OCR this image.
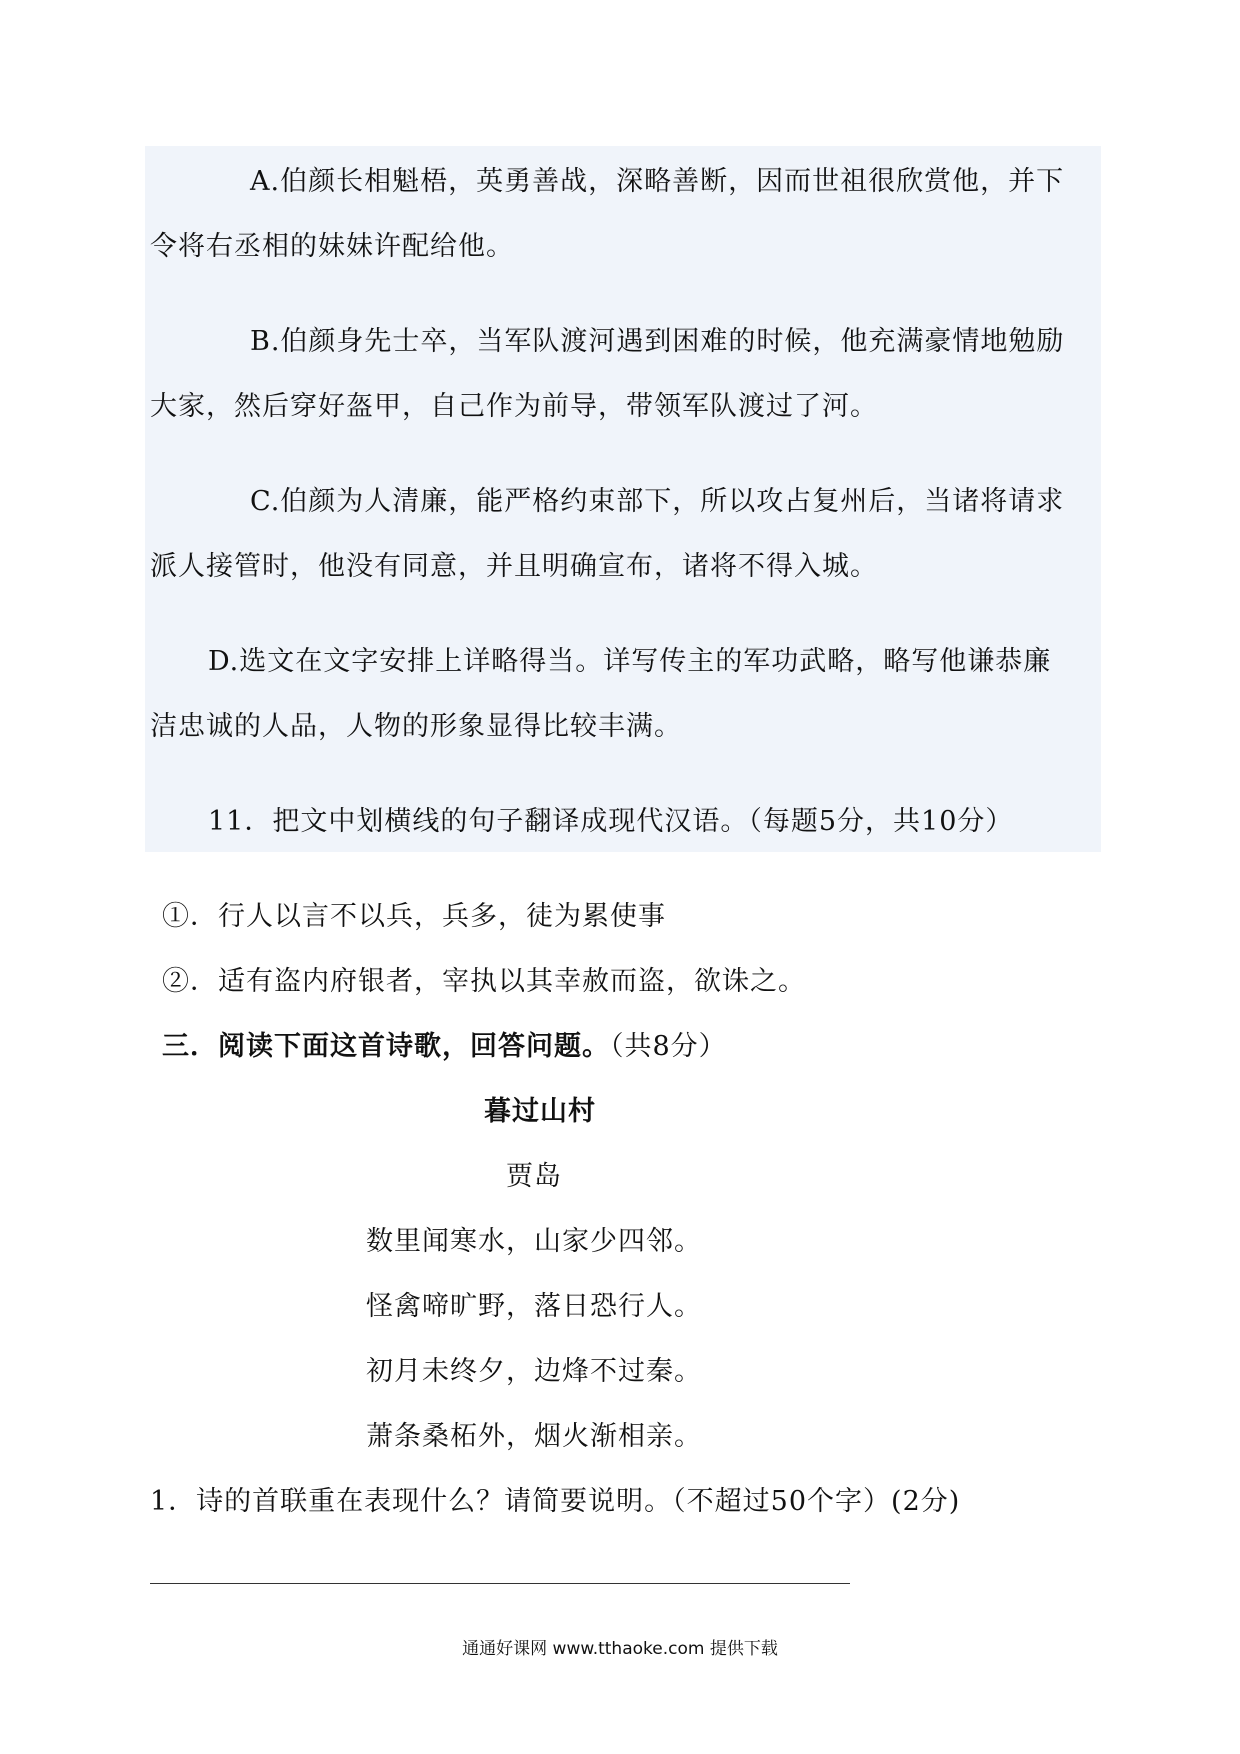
A.伯颜长相魁梧，英勇善战，深略善断，因而世祖很欣赏他，并下
令将右丞相的妹妹许配给他。
B.伯颜身先士卒，当军队渡河遇到困难的时候，他充满豪情地勉励
大家，然后穿好盔甲，自己作为前导，带领军队渡过了河。
C.伯颜为人清廉，能严格约束部下，所以攻占复州后，当诸将请求
派人接管时，他没有同意，并且明确宣布，诸将不得入城。
D.选文在文字安排上详略得当。详写传主的军功武略，略写他谦恭廉
洁忠诚的人品，人物的形象显得比较丰满。
11．把文中划横线的句子翻译成现代汉语。（每题5分，共10分）
①．行人以言不以兵，兵多，徒为累使事
②．适有盗内府银者，宰执以其幸赦而盗，欲诛之。
三．阅读下面这首诗歌，回答问题。（共8分）
暮过山村
贾岛
数里闻寒水，山家少四邻。
怪禽啼旷野，落日恐行人。
初月未终夕，边烽不过秦。
萧条桑柘外，烟火渐相亲。
1．诗的首联重在表现什么？请简要说明。（不超过50个字）(2分)
通通好课网 www.tthaoke.com 提供下载
